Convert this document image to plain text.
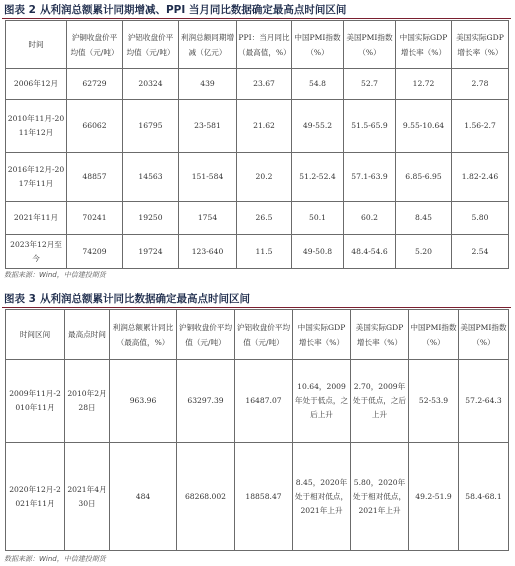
图表 2 从利润总额累计同期增减、PPI 当月同比数据确定最高点时间区间
时间	沪铜收盘价平均值（元/吨）	沪铝收盘价平均值（元/吨）	利润总额同期增减（亿元）	PPI：当月同比（最高值，%）	中国PMI指数（%）	美国PMI指数（%）	中国实际GDP增长率（%）	美国实际GDP增长率（%）
2006年12月	62729	20324	439	23.67	54.8	52.7	12.72	2.78
2010年11月-2011年12月	66062	16795	23-581	21.62	49-55.2	51.5-65.9	9.55-10.64	1.56-2.7
2016年12月-2017年11月	48857	14563	151-584	20.2	51.2-52.4	57.1-63.9	6.85-6.95	1.82-2.46
2021年11月	70241	19250	1754	26.5	50.1	60.2	8.45	5.80
2023年12月至今	74209	19724	123-640	11.5	49-50.8	48.4-54.6	5.20	2.54
数据来源：Wind，中信建投期货
图表 3 从利润总额累计同比数据确定最高点时间区间
时间区间	最高点时间	利润总额累计同比（最高值，%）	沪铜收盘价平均值（元/吨）	沪铝收盘价平均值（元/吨）	中国实际GDP增长率（%）	美国实际GDP增长率（%）	中国PMI指数（%）	美国PMI指数（%）
2009年11月-2010年11月	2010年2月28日	963.96	63297.39	16487.07	10.64，2009年处于低点，之后上升	2.70，2009年处于低点，之后上升	52-53.9	57.2-64.3
2020年12月-2021年11月	2021年4月30日	484	68268.002	18858.47	8.45，2020年处于相对低点，2021年上升	5.80，2020年处于相对低点，2021年上升	49.2-51.9	58.4-68.1
数据来源：Wind，中信建投期货
